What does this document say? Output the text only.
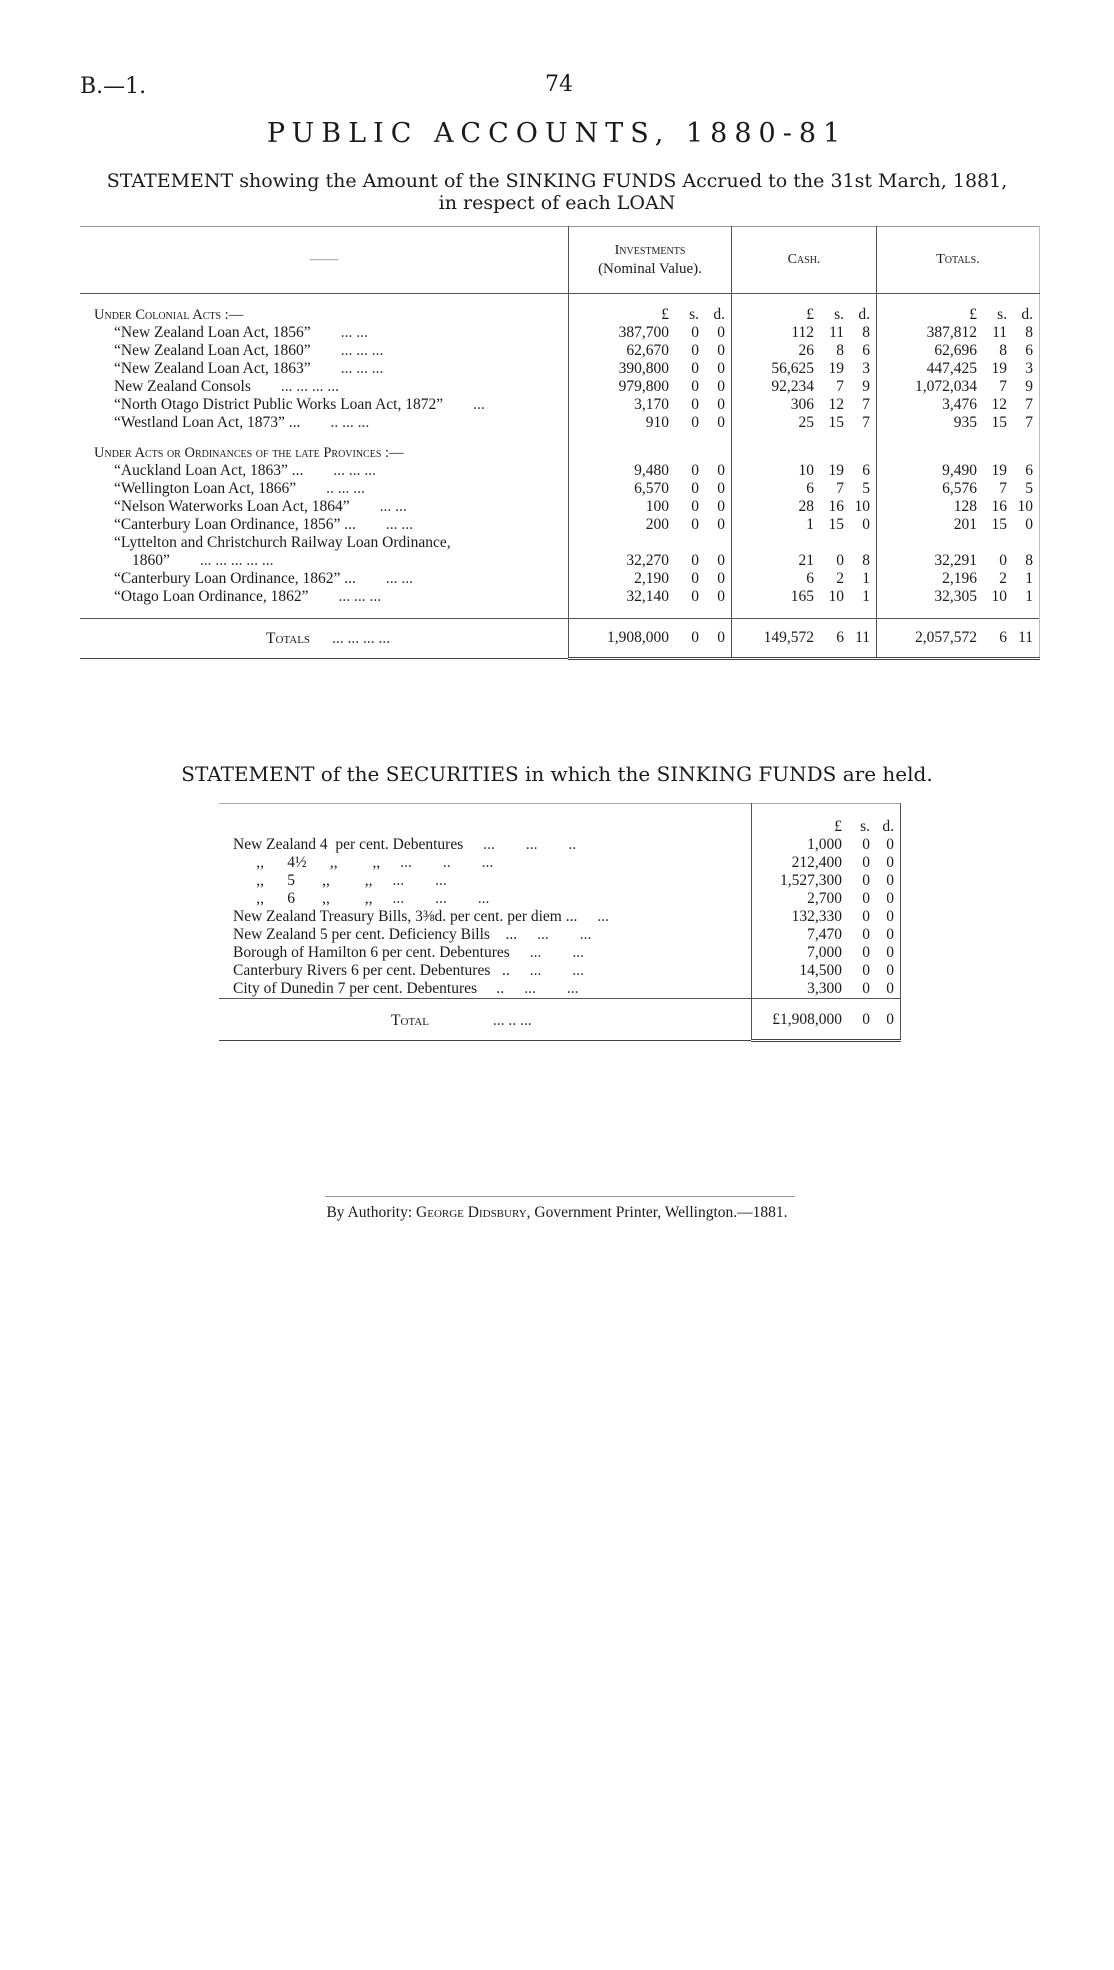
B.—1.	74
PUBLIC ACCOUNTS, 1880-81
STATEMENT showing the Amount of the SINKING FUNDS Accrued to the 31st March, 1881,
in respect of each LOAN
——	Investments
(Nominal Value).	Cash.	Totals.

Under Colonial Acts :—	£ s. d.	£ s. d.	£ s. d.

“New Zealand Loan Act, 1856” ... ...	387,700 0 0	112 11 8	387,812 11 8

“New Zealand Loan Act, 1860” ... ... ...	62,670 0 0	26 8 6	62,696 8 6

“New Zealand Loan Act, 1863” ... ... ...	390,800 0 0	56,625 19 3	447,425 19 3

New Zealand Consols ... ... ... ...	979,800 0 0	92,234 7 9	1,072,034 7 9

“North Otago District Public Works Loan Act, 1872” ...	3,170 0 0	306 12 7	3,476 12 7

“Westland Loan Act, 1873” ... .. ... ...	910 0 0	25 15 7	935 15 7

Under Acts or Ordinances of the late Provinces :—			
“Auckland Loan Act, 1863” ... ... ... ...	9,480 0 0	10 19 6	9,490 19 6

“Wellington Loan Act, 1866” .. ... ...	6,570 0 0	6 7 5	6,576 7 5

“Nelson Waterworks Loan Act, 1864” ... ...	100 0 0	28 16 10	128 16 10

“Canterbury Loan Ordinance, 1856” ... ... ...	200 0 0	1 15 0	201 15 0

“Lyttelton and Christchurch Railway Loan Ordinance,			
1860” ... ... ... ... ...	32,270 0 0	21 0 8	32,291 0 8

“Canterbury Loan Ordinance, 1862” ... ... ...	2,190 0 0	6 2 1	2,196 2 1

“Otago Loan Ordinance, 1862” ... ... ...	32,140 0 0	165 10 1	32,305 10 1

Totals ... ... ... ...	1,908,000 0 0	149,572 6 11	2,057,572 6 11
STATEMENT of the SECURITIES in which the SINKING FUNDS are held.

	£ s. d.

New Zealand 4  per cent. Debentures ...        ...        ..	1,000 0 0

,,      4½      ,,         ,, ...        ..        ...	212,400 0 0

,,      5       ,,         ,, ...        ...	1,527,300 0 0

,,      6       ,,         ,, ...        ...        ...	2,700 0 0

New Zealand Treasury Bills, 3⅜d. per cent. per diem ... ...	132,330 0 0

New Zealand 5 per cent. Deficiency Bills    ... ...        ...	7,470 0 0

Borough of Hamilton 6 per cent. Debentures ...        ...	7,000 0 0

Canterbury Rivers 6 per cent. Debentures   .. ...        ...	14,500 0 0

City of Dunedin 7 per cent. Debentures     .. ...        ...	3,300 0 0

Total ... .. ...	£1,908,000 0 0
By Authority: George Didsbury, Government Printer, Wellington.—1881.
